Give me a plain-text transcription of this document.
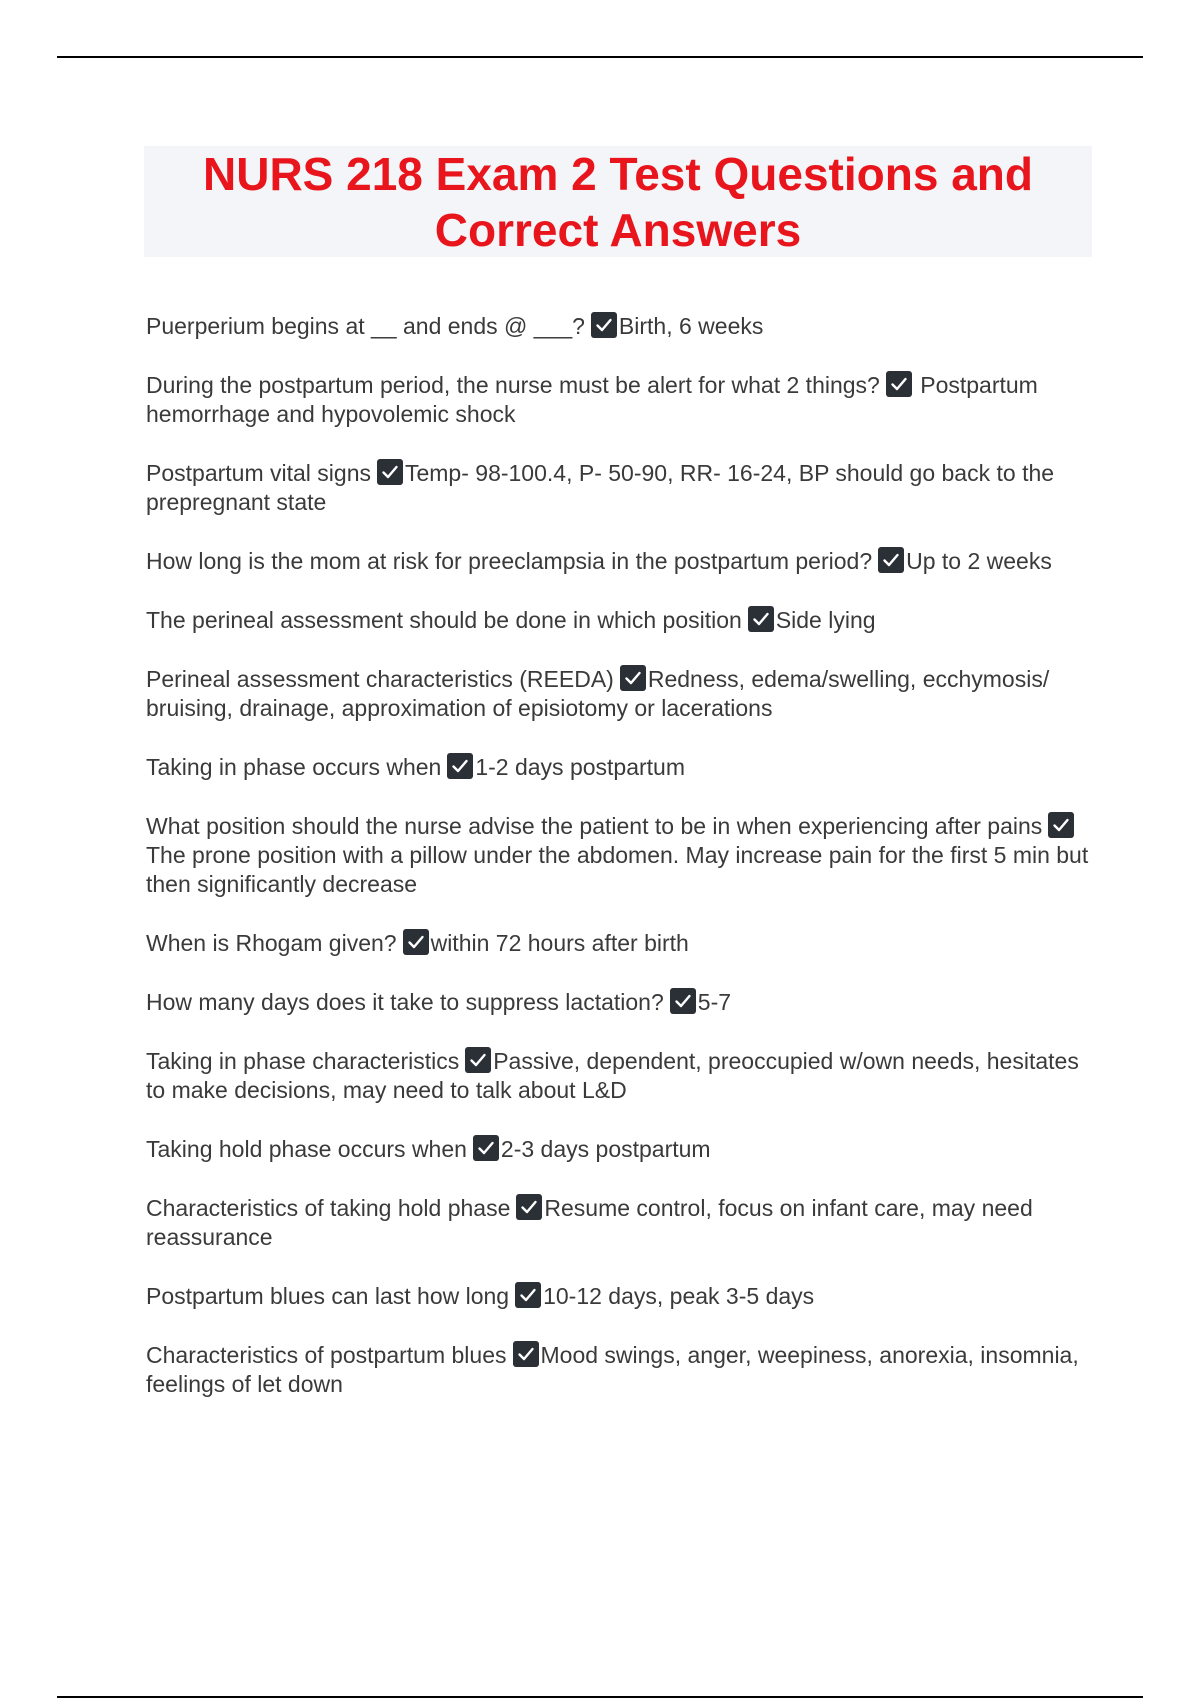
NURS 218 Exam 2 Test Questions and Correct Answers

Puerperium begins at __ and ends @ ___? Birth, 6 weeks

During the postpartum period, the nurse must be alert for what 2 things?
Postpartum hemorrhage and hypovolemic shock

Postpartum vital signs Temp- 98-100.4, P- 50-90, RR- 16-24, BP should go back to the prepregnant state

How long is the mom at risk for preeclampsia in the postpartum period? Up to 2 weeks

The perineal assessment should be done in which position Side lying

Perineal assessment characteristics (REEDA) Redness, edema/swelling, ecchymosis/ bruising, drainage, approximation of episiotomy or lacerations

Taking in phase occurs when 1-2 days postpartum

What position should the nurse advise the patient to be in when experiencing after pains
The prone position with a pillow under the abdomen. May increase pain for the first 5 min but then significantly decrease

When is Rhogam given? within 72 hours after birth

How many days does it take to suppress lactation? 5-7

Taking in phase characteristics Passive, dependent, preoccupied w/own needs, hesitates to make decisions, may need to talk about L&D

Taking hold phase occurs when 2-3 days postpartum

Characteristics of taking hold phase Resume control, focus on infant care, may need reassurance

Postpartum blues can last how long 10-12 days, peak 3-5 days

Characteristics of postpartum blues Mood swings, anger, weepiness, anorexia, insomnia, feelings of let down
